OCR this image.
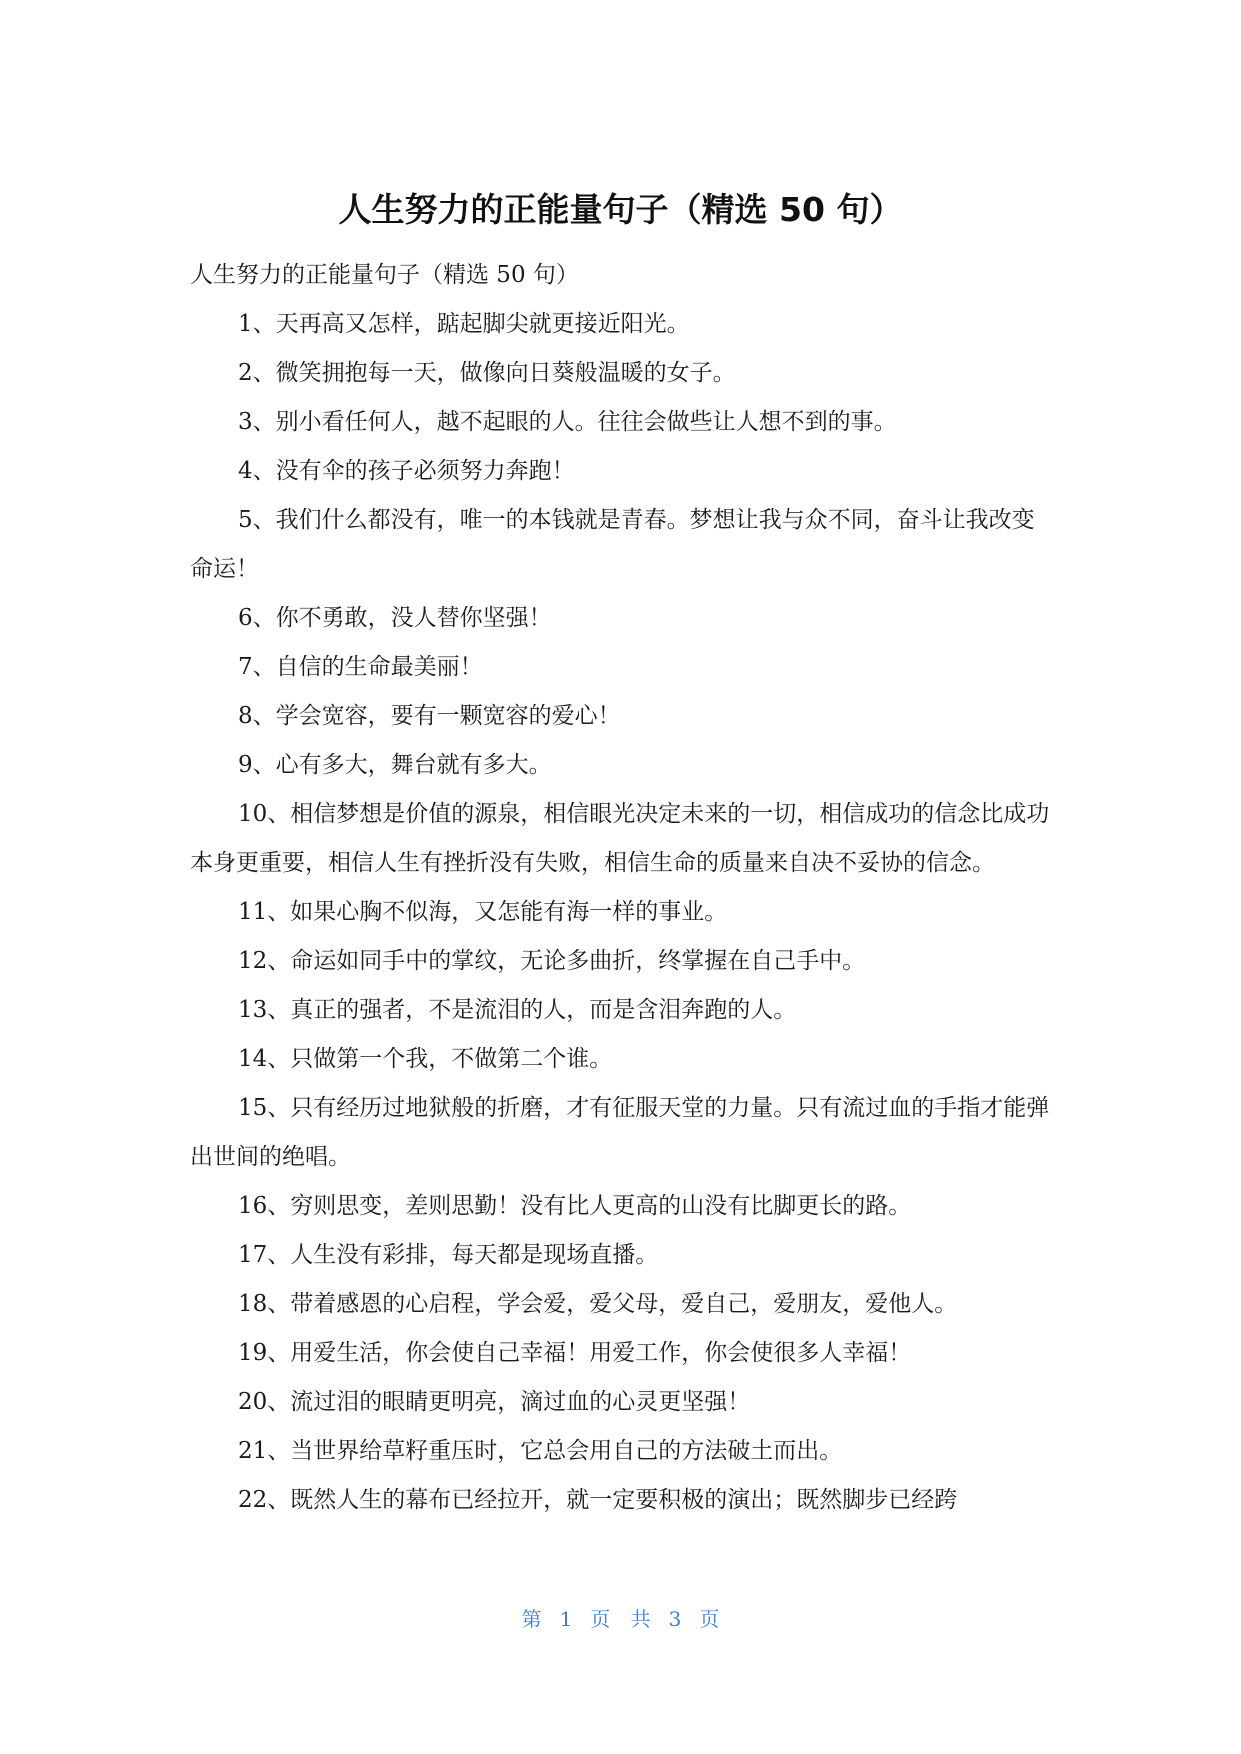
人生努力的正能量句子（精选 50 句）

人生努力的正能量句子（精选 50 句）

1、天再高又怎样，踮起脚尖就更接近阳光。

2、微笑拥抱每一天，做像向日葵般温暖的女子。

3、别小看任何人，越不起眼的人。往往会做些让人想不到的事。

4、没有伞的孩子必须努力奔跑！

5、我们什么都没有，唯一的本钱就是青春。梦想让我与众不同，奋斗让我改变命运！

6、你不勇敢，没人替你坚强！

7、自信的生命最美丽！

8、学会宽容，要有一颗宽容的爱心！

9、心有多大，舞台就有多大。

10、相信梦想是价值的源泉，相信眼光决定未来的一切，相信成功的信念比成功本身更重要，相信人生有挫折没有失败，相信生命的质量来自决不妥协的信念。

11、如果心胸不似海，又怎能有海一样的事业。

12、命运如同手中的掌纹，无论多曲折，终掌握在自己手中。

13、真正的强者，不是流泪的人，而是含泪奔跑的人。

14、只做第一个我，不做第二个谁。

15、只有经历过地狱般的折磨，才有征服天堂的力量。只有流过血的手指才能弹出世间的绝唱。

16、穷则思变，差则思勤！没有比人更高的山没有比脚更长的路。

17、人生没有彩排，每天都是现场直播。

18、带着感恩的心启程，学会爱，爱父母，爱自己，爱朋友，爱他人。

19、用爱生活，你会使自己幸福！用爱工作，你会使很多人幸福！

20、流过泪的眼睛更明亮，滴过血的心灵更坚强！

21、当世界给草籽重压时，它总会用自己的方法破土而出。

22、既然人生的幕布已经拉开，就一定要积极的演出；既然脚步已经跨

第 1 页 共 3 页
